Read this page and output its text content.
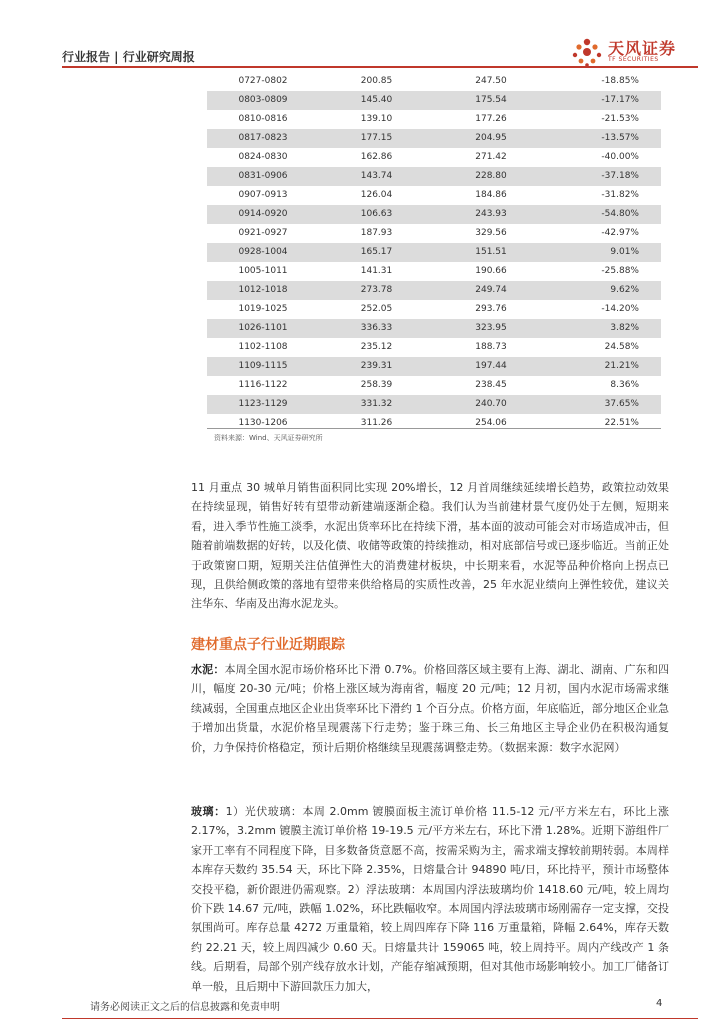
行业报告 | 行业研究周报	天风证券
TF SECURITIES
0727-0802	200.85	247.50	-18.85%
0803-0809	145.40	175.54	-17.17%
0810-0816	139.10	177.26	-21.53%
0817-0823	177.15	204.95	-13.57%
0824-0830	162.86	271.42	-40.00%
0831-0906	143.74	228.80	-37.18%
0907-0913	126.04	184.86	-31.82%
0914-0920	106.63	243.93	-54.80%
0921-0927	187.93	329.56	-42.97%
0928-1004	165.17	151.51	9.01%
1005-1011	141.31	190.66	-25.88%
1012-1018	273.78	249.74	9.62%
1019-1025	252.05	293.76	-14.20%
1026-1101	336.33	323.95	3.82%
1102-1108	235.12	188.73	24.58%
1109-1115	239.31	197.44	21.21%
1116-1122	258.39	238.45	8.36%
1123-1129	331.32	240.70	37.65%
1130-1206	311.26	254.06	22.51%
资料来源：Wind、天风证券研究所
11 月重点 30 城单月销售面积同比实现 20%增长，12 月首周继续延续增长趋势，政策拉动效果在持续显现，销售好转有望带动新建端逐渐企稳。我们认为当前建材景气度仍处于左侧，短期来看，进入季节性施工淡季，水泥出货率环比在持续下滑，基本面的波动可能会对市场造成冲击，但随着前端数据的好转，以及化债、收储等政策的持续推动，相对底部信号或已逐步临近。当前正处于政策窗口期，短期关注估值弹性大的消费建材板块，中长期来看，水泥等品种价格向上拐点已现，且供给侧政策的落地有望带来供给格局的实质性改善，25 年水泥业绩向上弹性较优，建议关注华东、华南及出海水泥龙头。
建材重点子行业近期跟踪
水泥：本周全国水泥市场价格环比下滑 0.7%。价格回落区域主要有上海、湖北、湖南、广东和四川，幅度 20-30 元/吨；价格上涨区域为海南省，幅度 20 元/吨；12 月初，国内水泥市场需求继续减弱，全国重点地区企业出货率环比下滑约 1 个百分点。价格方面，年底临近，部分地区企业急于增加出货量，水泥价格呈现震荡下行走势；鉴于珠三角、长三角地区主导企业仍在积极沟通复价，力争保持价格稳定，预计后期价格继续呈现震荡调整走势。（数据来源：数字水泥网）
玻璃：1）光伏玻璃：本周 2.0mm 镀膜面板主流订单价格 11.5-12 元/平方米左右，环比上涨 2.17%，3.2mm 镀膜主流订单价格 19-19.5 元/平方米左右，环比下滑 1.28%。近期下游组件厂家开工率有不同程度下降，目多数备货意愿不高，按需采购为主，需求端支撑较前期转弱。本周样本库存天数约 35.54 天，环比下降 2.35%，日熔量合计 94890 吨/日，环比持平，预计市场整体交投平稳，新价跟进仍需观察。2）浮法玻璃：本周国内浮法玻璃均价 1418.60 元/吨，较上周均价下跌 14.67 元/吨，跌幅 1.02%，环比跌幅收窄。本周国内浮法玻璃市场刚需存一定支撑，交投氛围尚可。库存总量 4272 万重量箱，较上周四库存下降 116 万重量箱，降幅 2.64%，库存天数约 22.21 天，较上周四减少 0.60 天。日熔量共计 159065 吨，较上周持平。周内产线改产 1 条线。后期看，局部个别产线存放水计划，产能存缩减预期，但对其他市场影响较小。加工厂储备订单一般，且后期中下游回款压力加大，
请务必阅读正文之后的信息披露和免责申明	4
